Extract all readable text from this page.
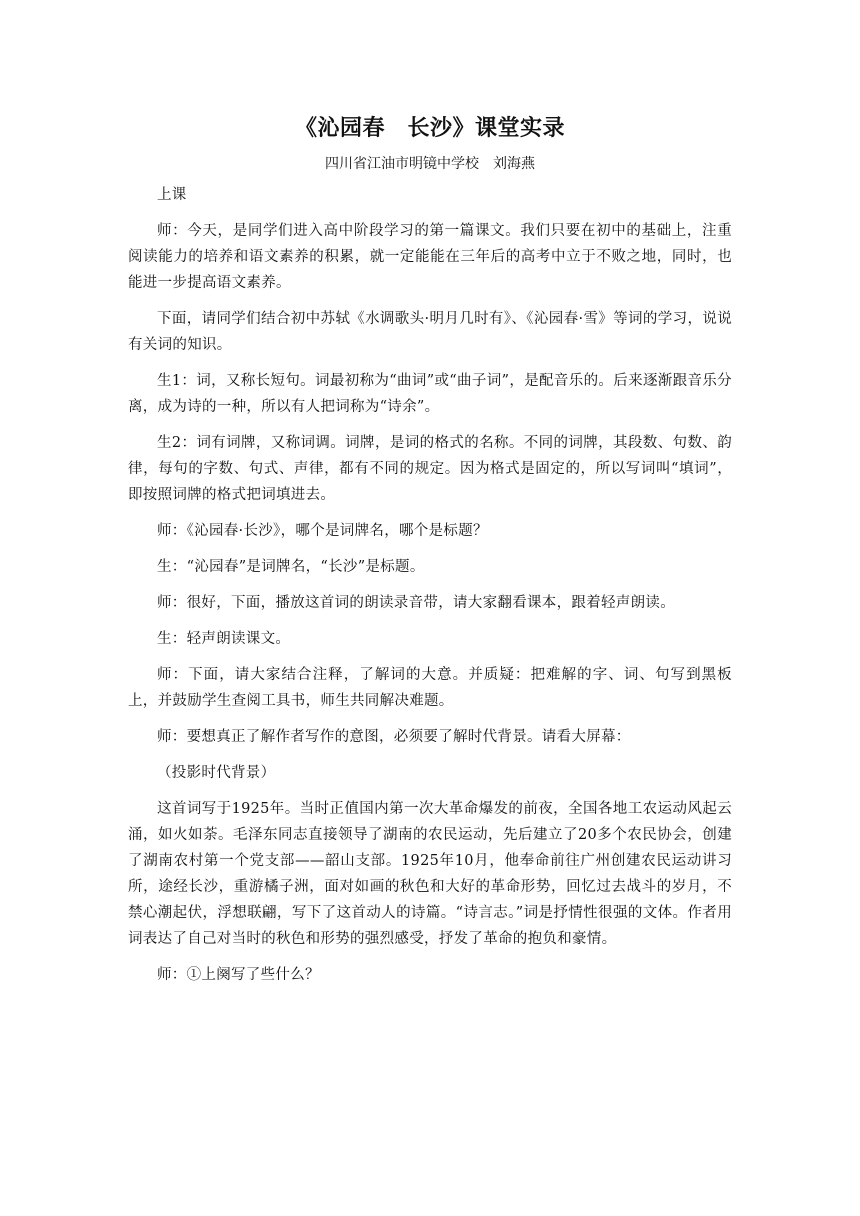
《沁园春　长沙》课堂实录
四川省江油市明镜中学校　刘海燕

上课

师：今天，是同学们进入高中阶段学习的第一篇课文。我们只要在初中的基础上，注重阅读能力的培养和语文素养的积累，就一定能能在三年后的高考中立于不败之地，同时，也能进一步提高语文素养。

下面，请同学们结合初中苏轼《水调歌头·明月几时有》、《沁园春·雪》等词的学习，说说有关词的知识。

生1：词，又称长短句。词最初称为“曲词”或“曲子词”，是配音乐的。后来逐渐跟音乐分离，成为诗的一种，所以有人把词称为“诗余”。

生2：词有词牌，又称词调。词牌，是词的格式的名称。不同的词牌，其段数、句数、韵律，每句的字数、句式、声律，都有不同的规定。因为格式是固定的，所以写词叫“填词”，即按照词牌的格式把词填进去。

师：《沁园春·长沙》，哪个是词牌名，哪个是标题？

生：“沁园春”是词牌名，“长沙”是标题。

师：很好，下面，播放这首词的朗读录音带，请大家翻看课本，跟着轻声朗读。

生：轻声朗读课文。

师：下面，请大家结合注释，了解词的大意。并质疑：把难解的字、词、句写到黑板上，并鼓励学生查阅工具书，师生共同解决难题。

师：要想真正了解作者写作的意图，必须要了解时代背景。请看大屏幕：

（投影时代背景）

这首词写于1925年。当时正值国内第一次大革命爆发的前夜，全国各地工农运动风起云涌，如火如荼。毛泽东同志直接领导了湖南的农民运动，先后建立了20多个农民协会，创建了湖南农村第一个党支部——韶山支部。1925年10月，他奉命前往广州创建农民运动讲习所，途经长沙，重游橘子洲，面对如画的秋色和大好的革命形势，回忆过去战斗的岁月，不禁心潮起伏，浮想联翩，写下了这首动人的诗篇。“诗言志。”词是抒情性很强的文体。作者用词表达了自己对当时的秋色和形势的强烈感受，抒发了革命的抱负和豪情。

师：①上阕写了些什么？
